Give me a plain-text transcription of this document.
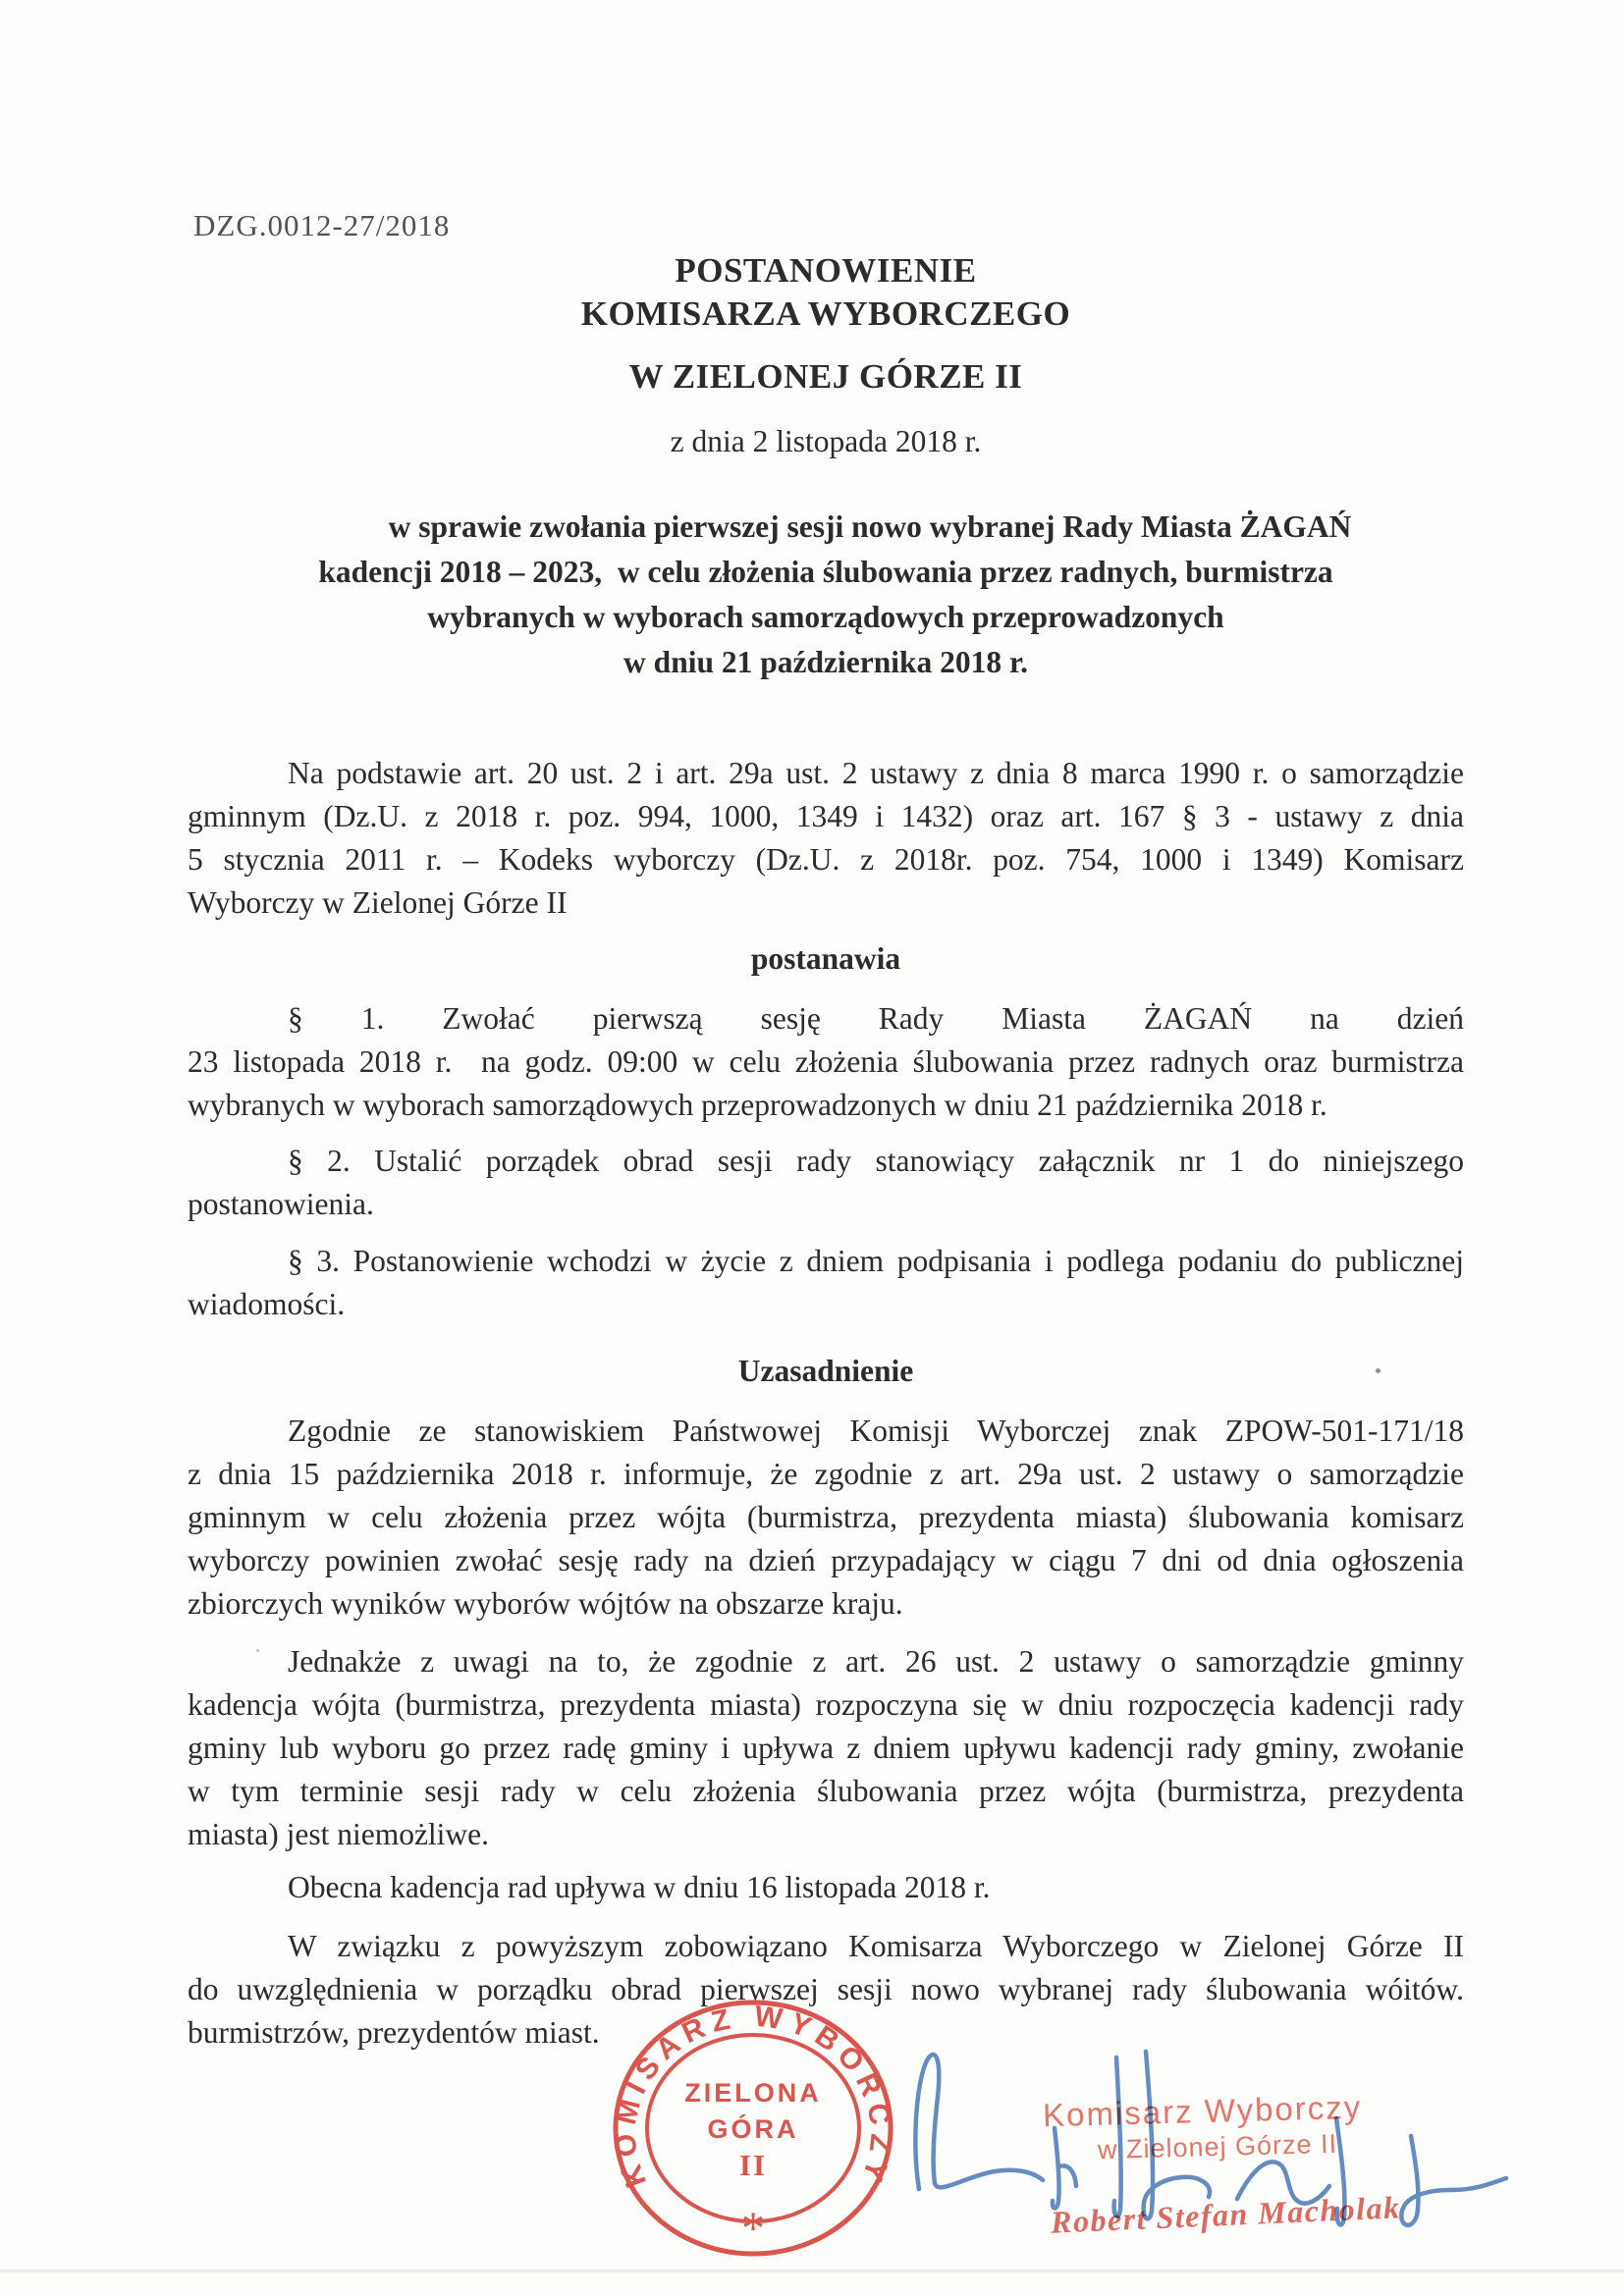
DZG.0012-27/2018
POSTANOWIENIE
KOMISARZA WYBORCZEGO
W ZIELONEJ GÓRZE II
z dnia 2 listopada 2018 r.
w sprawie zwołania pierwszej sesji nowo wybranej Rady Miasta ŻAGAŃ
kadencji 2018 – 2023,  w celu złożenia ślubowania przez radnych, burmistrza
wybranych w wyborach samorządowych przeprowadzonych
w dniu 21 października 2018 r.
Na podstawie art. 20 ust. 2 i art. 29a ust. 2 ustawy z dnia 8 marca 1990 r. o samorządzie
gminnym (Dz.U. z 2018 r. poz. 994, 1000, 1349 i 1432) oraz art. 167 § 3 - ustawy z dnia
5 stycznia 2011 r. – Kodeks wyborczy (Dz.U. z 2018r. poz. 754, 1000 i 1349) Komisarz
Wyborczy w Zielonej Górze II
postanawia
§ 1. Zwołać pierwszą sesję Rady Miasta ŻAGAŃ na dzień
23 listopada 2018 r.  na godz. 09:00 w celu złożenia ślubowania przez radnych oraz burmistrza
wybranych w wyborach samorządowych przeprowadzonych w dniu 21 października 2018 r.
§ 2. Ustalić porządek obrad sesji rady stanowiący załącznik nr 1 do niniejszego
postanowienia.
§ 3. Postanowienie wchodzi w życie z dniem podpisania i podlega podaniu do publicznej
wiadomości.
Uzasadnienie
Zgodnie ze stanowiskiem Państwowej Komisji Wyborczej znak ZPOW-501-171/18
z dnia 15 października 2018 r. informuje, że zgodnie z art. 29a ust. 2 ustawy o samorządzie
gminnym w celu złożenia przez wójta (burmistrza, prezydenta miasta) ślubowania komisarz
wyborczy powinien zwołać sesję rady na dzień przypadający w ciągu 7 dni od dnia ogłoszenia
zbiorczych wyników wyborów wójtów na obszarze kraju.
Jednakże z uwagi na to, że zgodnie z art. 26 ust. 2 ustawy o samorządzie gminny
kadencja wójta (burmistrza, prezydenta miasta) rozpoczyna się w dniu rozpoczęcia kadencji rady
gminy lub wyboru go przez radę gminy i upływa z dniem upływu kadencji rady gminy, zwołanie
w tym terminie sesji rady w celu złożenia ślubowania przez wójta (burmistrza, prezydenta
miasta) jest niemożliwe.
Obecna kadencja rad upływa w dniu 16 listopada 2018 r.
W związku z powyższym zobowiązano Komisarza Wyborczego w Zielonej Górze II
do uwzględnienia w porządku obrad pierwszej sesji nowo wybranej rady ślubowania wóitów.
burmistrzów, prezydentów miast.
KOMISARZ WYBORCZY
ZIELONA
GÓRA
II
*
Komisarz Wyborczy
w Zielonej Górze II
Robert Stefan Macholak
